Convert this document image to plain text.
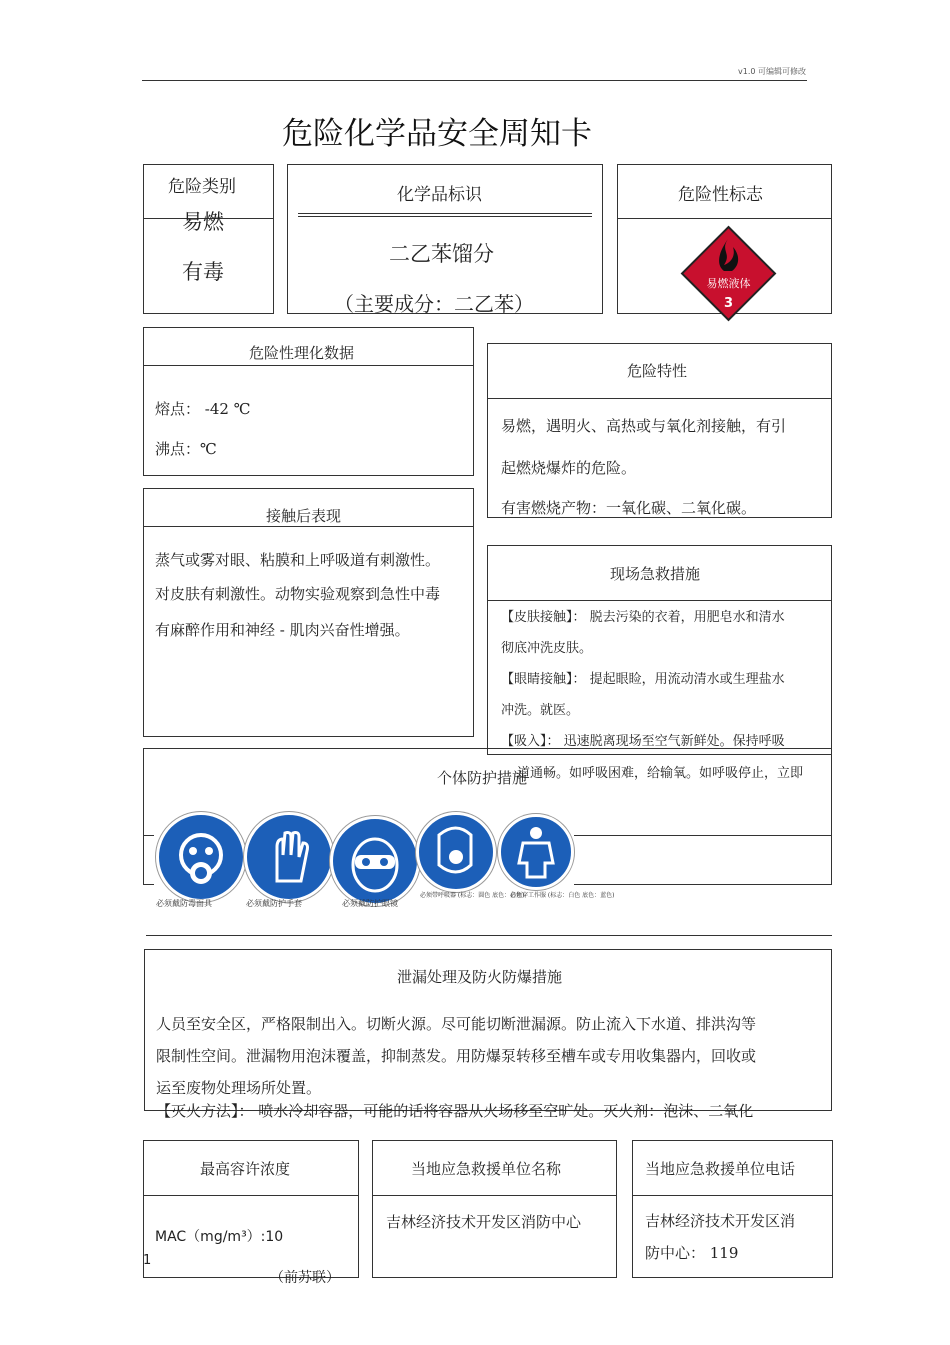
v1.0 可编辑可修改
危险化学品安全周知卡
危险类别
易燃
有毒
化学品标识
二乙苯馏分
（主要成分：二乙苯）
危险性标志
易燃液体
3
危险性理化数据
熔点： -42 ℃
沸点：℃
危险特性
易燃，遇明火、高热或与氧化剂接触，有引
起燃烧爆炸的危险。
有害燃烧产物：一氧化碳、二氧化碳。
接触后表现
蒸气或雾对眼、粘膜和上呼吸道有刺激性。
对皮肤有刺激性。动物实验观察到急性中毒
有麻醉作用和神经 - 肌肉兴奋性增强。
现场急救措施
【皮肤接触】： 脱去污染的衣着，用肥皂水和清水
彻底冲洗皮肤。
【眼睛接触】： 提起眼睑，用流动清水或生理盐水
冲洗。就医。
【吸入】： 迅速脱离现场至空气新鲜处。保持呼吸
个体防护措施
道通畅。如呼吸困难，给输氧。如呼吸停止，立即
必须戴防毒面具	必须戴防护手套	必须戴防护眼镜
必须带呼吸器 (标志：圆色 底色：白色)
必须穿工作服 (标志：白色 底色：蓝色)
泄漏处理及防火防爆措施
人员至安全区，严格限制出入。切断火源。尽可能切断泄漏源。防止流入下水道、排洪沟等
限制性空间。泄漏物用泡沫覆盖，抑制蒸发。用防爆泵转移至槽车或专用收集器内，回收或
运至废物处理场所处置。
【灭火方法】： 喷水冷却容器，可能的话将容器从火场移至空旷处。灭火剂：泡沫、二氧化
最高容许浓度
MAC（mg/m³）:10
（前苏联）
当地应急救援单位名称
吉林经济技术开发区消防中心
当地应急救援单位电话
吉林经济技术开发区消
防中心： 119
1
